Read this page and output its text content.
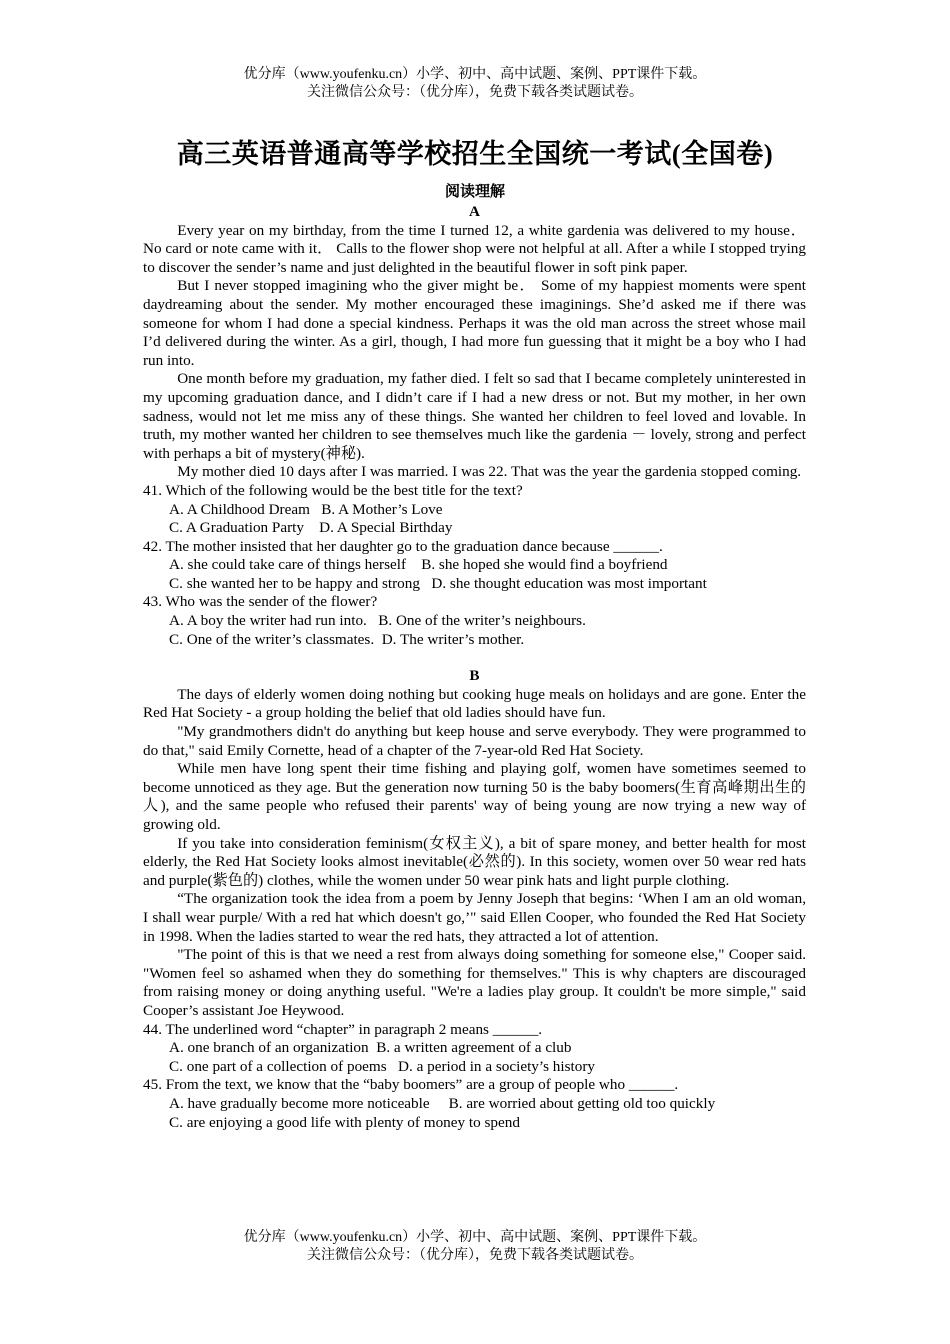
优分库（www.youfenku.cn）小学、初中、高中试题、案例、PPT课件下载。
关注微信公众号：（优分库），免费下载各类试题试卷。
高三英语普通高等学校招生全国统一考试(全国卷)
阅读理解

A

Every year on my birthday, from the time I turned 12, a white gardenia was delivered to my house． No card or note came with it． Calls to the flower shop were not helpful at all. After a while I stopped trying to discover the sender’s name and just delighted in the beautiful flower in soft pink paper.

But I never stopped imagining who the giver might be． Some of my happiest moments were spent daydreaming about the sender. My mother encouraged these imaginings. She’d asked me if there was someone for whom I had done a special kindness. Perhaps it was the old man across the street whose mail I’d delivered during the winter. As a girl, though, I had more fun guessing that it might be a boy who I had run into.

One month before my graduation, my father died. I felt so sad that I became completely uninterested in my upcoming graduation dance, and I didn’t care if I had a new dress or not. But my mother, in her own sadness, would not let me miss any of these things. She wanted her children to feel loved and lovable. In truth, my mother wanted her children to see themselves much like the gardenia － lovely, strong and perfect with perhaps a bit of mystery(神秘).

My mother died 10 days after I was married. I was 22. That was the year the gardenia stopped coming.

41. Which of the following would be the best title for the text?

A. A Childhood Dream   B. A Mother’s Love

C. A Graduation Party    D. A Special Birthday

42. The mother insisted that her daughter go to the graduation dance because ______.

A. she could take care of things herself    B. she hoped she would find a boyfriend

C. she wanted her to be happy and strong   D. she thought education was most important

43. Who was the sender of the flower?

A. A boy the writer had run into.   B. One of the writer’s neighbours.

C. One of the writer’s classmates.  D. The writer’s mother.

B

The days of elderly women doing nothing but cooking huge meals on holidays and are gone. Enter the Red Hat Society - a group holding the belief that old ladies should have fun.

"My grandmothers didn't do anything but keep house and serve everybody. They were programmed to do that," said Emily Cornette, head of a chapter of the 7-year-old Red Hat Society.

While men have long spent their time fishing and playing golf, women have sometimes seemed to become unnoticed as they age. But the generation now turning 50 is the baby boomers(生育高峰期出生的人), and the same people who refused their parents' way of being young are now trying a new way of growing old.

If you take into consideration feminism(女权主义), a bit of spare money, and better health for most elderly, the Red Hat Society looks almost inevitable(必然的). In this society, women over 50 wear red hats and purple(紫色的) clothes, while the women under 50 wear pink hats and light purple clothing.

“The organization took the idea from a poem by Jenny Joseph that begins: ‘When I am an old woman, I shall wear purple/ With a red hat which doesn't go,’" said Ellen Cooper, who founded the Red Hat Society in 1998. When the ladies started to wear the red hats, they attracted a lot of attention.

"The point of this is that we need a rest from always doing something for someone else," Cooper said. "Women feel so ashamed when they do something for themselves." This is why chapters are discouraged from raising money or doing anything useful. "We're a ladies play group. It couldn't be more simple," said Cooper’s assistant Joe Heywood.

44. The underlined word “chapter” in paragraph 2 means ______.

A. one branch of an organization  B. a written agreement of a club

C. one part of a collection of poems   D. a period in a society’s history

45. From the text, we know that the “baby boomers” are a group of people who ______.

A. have gradually become more noticeable     B. are worried about getting old too quickly

C. are enjoying a good life with plenty of money to spend

优分库（www.youfenku.cn）小学、初中、高中试题、案例、PPT课件下载。
关注微信公众号：（优分库），免费下载各类试题试卷。
